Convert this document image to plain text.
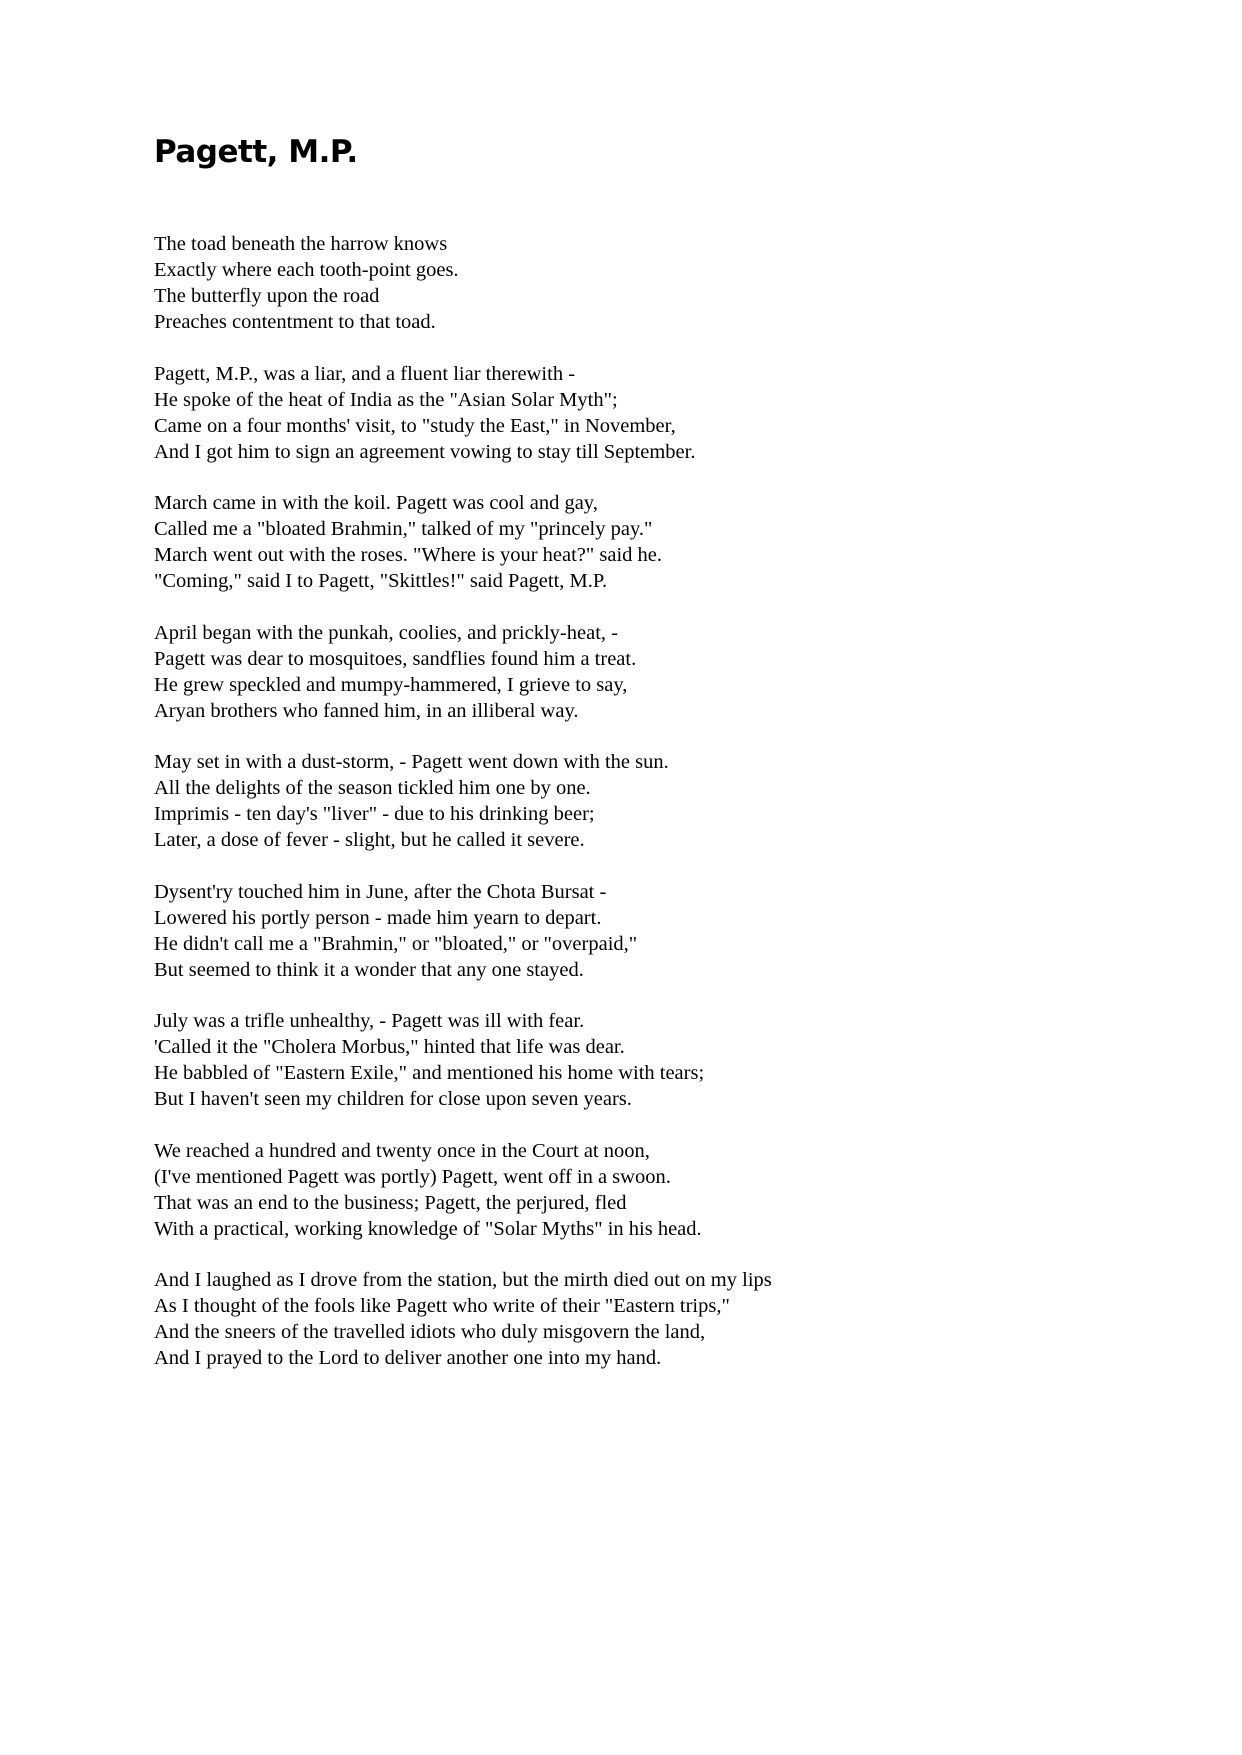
Pagett, M.P.
The toad beneath the harrow knows
Exactly where each tooth-point goes.
The butterfly upon the road
Preaches contentment to that toad.
Pagett, M.P., was a liar, and a fluent liar therewith -
He spoke of the heat of India as the "Asian Solar Myth";
Came on a four months' visit, to "study the East," in November,
And I got him to sign an agreement vowing to stay till September.
March came in with the koil. Pagett was cool and gay,
Called me a "bloated Brahmin," talked of my "princely pay."
March went out with the roses. "Where is your heat?" said he.
"Coming," said I to Pagett, "Skittles!" said Pagett, M.P.
April began with the punkah, coolies, and prickly-heat, -
Pagett was dear to mosquitoes, sandflies found him a treat.
He grew speckled and mumpy-hammered, I grieve to say,
Aryan brothers who fanned him, in an illiberal way.
May set in with a dust-storm, - Pagett went down with the sun.
All the delights of the season tickled him one by one.
Imprimis - ten day's "liver" - due to his drinking beer;
Later, a dose of fever - slight, but he called it severe.
Dysent'ry touched him in June, after the Chota Bursat -
Lowered his portly person - made him yearn to depart.
He didn't call me a "Brahmin," or "bloated," or "overpaid,"
But seemed to think it a wonder that any one stayed.
July was a trifle unhealthy, - Pagett was ill with fear.
'Called it the "Cholera Morbus," hinted that life was dear.
He babbled of "Eastern Exile," and mentioned his home with tears;
But I haven't seen my children for close upon seven years.
We reached a hundred and twenty once in the Court at noon,
(I've mentioned Pagett was portly) Pagett, went off in a swoon.
That was an end to the business; Pagett, the perjured, fled
With a practical, working knowledge of "Solar Myths" in his head.
And I laughed as I drove from the station, but the mirth died out on my lips
As I thought of the fools like Pagett who write of their "Eastern trips,"
And the sneers of the travelled idiots who duly misgovern the land,
And I prayed to the Lord to deliver another one into my hand.
